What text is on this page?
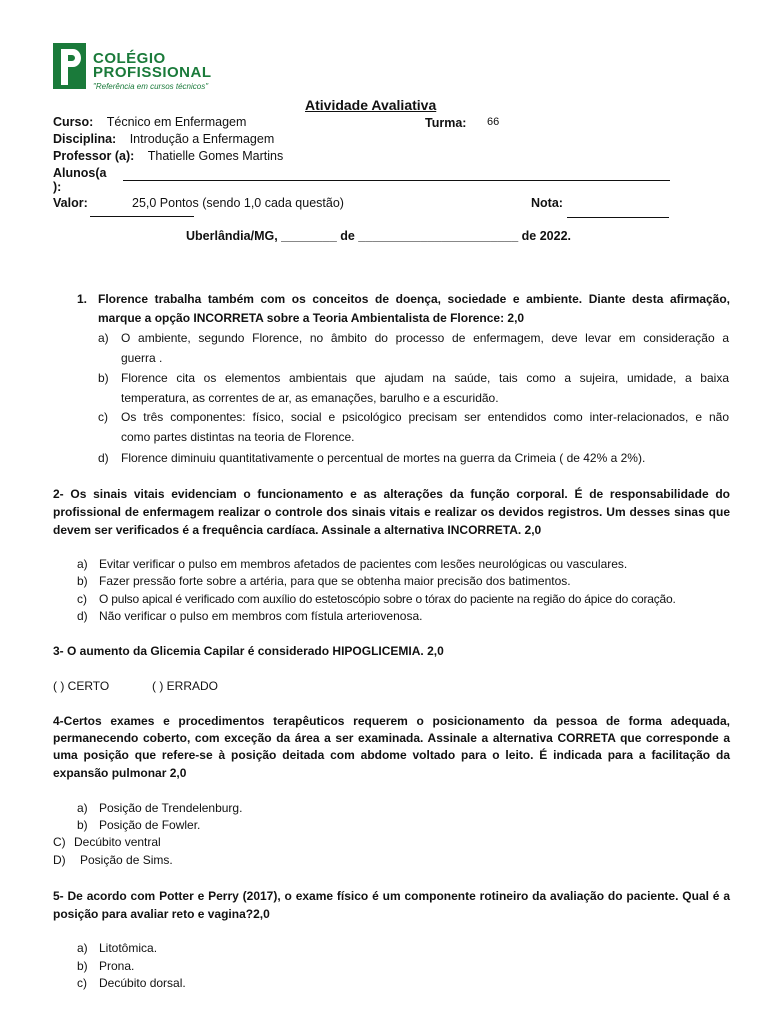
COLÉGIO
PROFISSIONAL
"Referência em cursos técnicos"
Atividade Avaliativa
Curso: Técnico em Enfermagem	Turma: 66
Disciplina: Introdução a Enfermagem
Professor (a): Thatielle Gomes Martins
Alunos(a
):
Valor:	25,0 Pontos (sendo 1,0 cada questão)	Nota:
Uberlândia/MG, ________ de _______________________ de 2022.
1. Florence trabalha também com os conceitos de doença, sociedade e ambiente. Diante desta afirmação,
marque a opção INCORRETA sobre a Teoria Ambientalista de Florence: 2,0
a) O ambiente, segundo Florence, no âmbito do processo de enfermagem, deve levar em consideração a
guerra .
b) Florence cita os elementos ambientais que ajudam na saúde, tais como a sujeira, umidade, a baixa
temperatura, as correntes de ar, as emanações, barulho e a escuridão.
c) Os três componentes: físico, social e psicológico precisam ser entendidos como inter-relacionados, e não
como partes distintas na teoria de Florence.
d) Florence diminuiu quantitativamente o percentual de mortes na guerra da Crimeia ( de 42% a 2%).
2- Os sinais vitais evidenciam o funcionamento e as alterações da função corporal. É de responsabilidade do
profissional de enfermagem realizar o controle dos sinais vitais e realizar os devidos registros. Um desses sinas que
devem ser verificados é a frequência cardíaca. Assinale a alternativa INCORRETA. 2,0
a) Evitar verificar o pulso em membros afetados de pacientes com lesões neurológicas ou vasculares.
b) Fazer pressão forte sobre a artéria, para que se obtenha maior precisão dos batimentos.
c) O pulso apical é verificado com auxílio do estetoscópio sobre o tórax do paciente na região do ápice do coração.
d) Não verificar o pulso em membros com fístula arteriovenosa.
3- O aumento da Glicemia Capilar é considerado HIPOGLICEMIA. 2,0
( ) CERTO	( ) ERRADO
4-Certos exames e procedimentos terapêuticos requerem o posicionamento da pessoa de forma adequada,
permanecendo coberto, com exceção da área a ser examinada. Assinale a alternativa CORRETA que corresponde a
uma posição que refere-se à posição deitada com abdome voltado para o leito. É indicada para a facilitação da
expansão pulmonar 2,0
a) Posição de Trendelenburg.
b) Posição de Fowler.
C) Decúbito ventral
D) Posição de Sims.
5- De acordo com Potter e Perry (2017), o exame físico é um componente rotineiro da avaliação do paciente. Qual é a
posição para avaliar reto e vagina?2,0
a) Litotômica.
b) Prona.
c) Decúbito dorsal.
